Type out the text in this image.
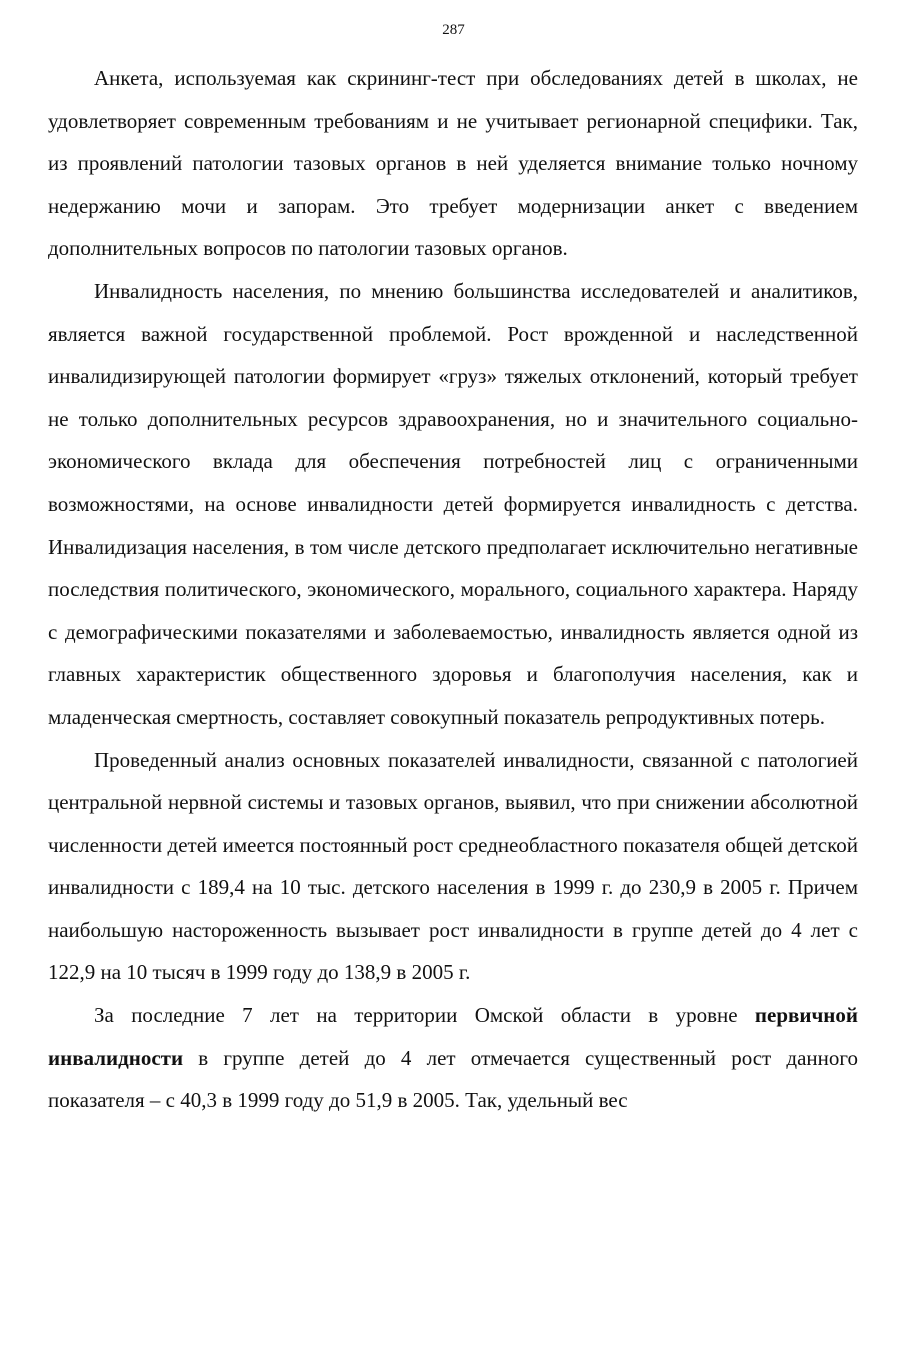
287

Анкета, используемая как скрининг-тест при обследованиях детей в школах, не удовлетворяет современным требованиям и не учитывает регионарной специфики. Так, из проявлений патологии тазовых органов в ней уделяется внимание только ночному недержанию мочи и запорам. Это требует модернизации анкет с введением дополнительных вопросов по патологии тазовых органов.

Инвалидность населения, по мнению большинства исследователей и аналитиков, является важной государственной проблемой. Рост врожденной и наследственной инвалидизирующей патологии формирует «груз» тяжелых отклонений, который требует не только дополнительных ресурсов здравоохранения, но и значительного социально-экономического вклада для обеспечения потребностей лиц с ограниченными возможностями, на основе инвалидности детей формируется инвалидность с детства. Инвалидизация населения, в том числе детского предполагает исключительно негативные последствия политического, экономического, морального, социального характера. Наряду с демографическими показателями и заболеваемостью, инвалидность является одной из главных характеристик общественного здоровья и благополучия населения, как и младенческая смертность, составляет совокупный показатель репродуктивных потерь.

Проведенный анализ основных показателей инвалидности, связанной с патологией центральной нервной системы и тазовых органов, выявил, что при снижении абсолютной численности детей имеется постоянный рост среднеобластного показателя общей детской инвалидности с 189,4 на 10 тыс. детского населения в 1999 г. до 230,9 в 2005 г. Причем наибольшую настороженность вызывает рост инвалидности в группе детей до 4 лет с 122,9 на 10 тысяч в 1999 году до 138,9 в 2005 г.

За последние 7 лет на территории Омской области в уровне первичной инвалидности в группе детей до 4 лет отмечается существенный рост данного показателя – с 40,3 в 1999 году до 51,9 в 2005. Так, удельный вес
